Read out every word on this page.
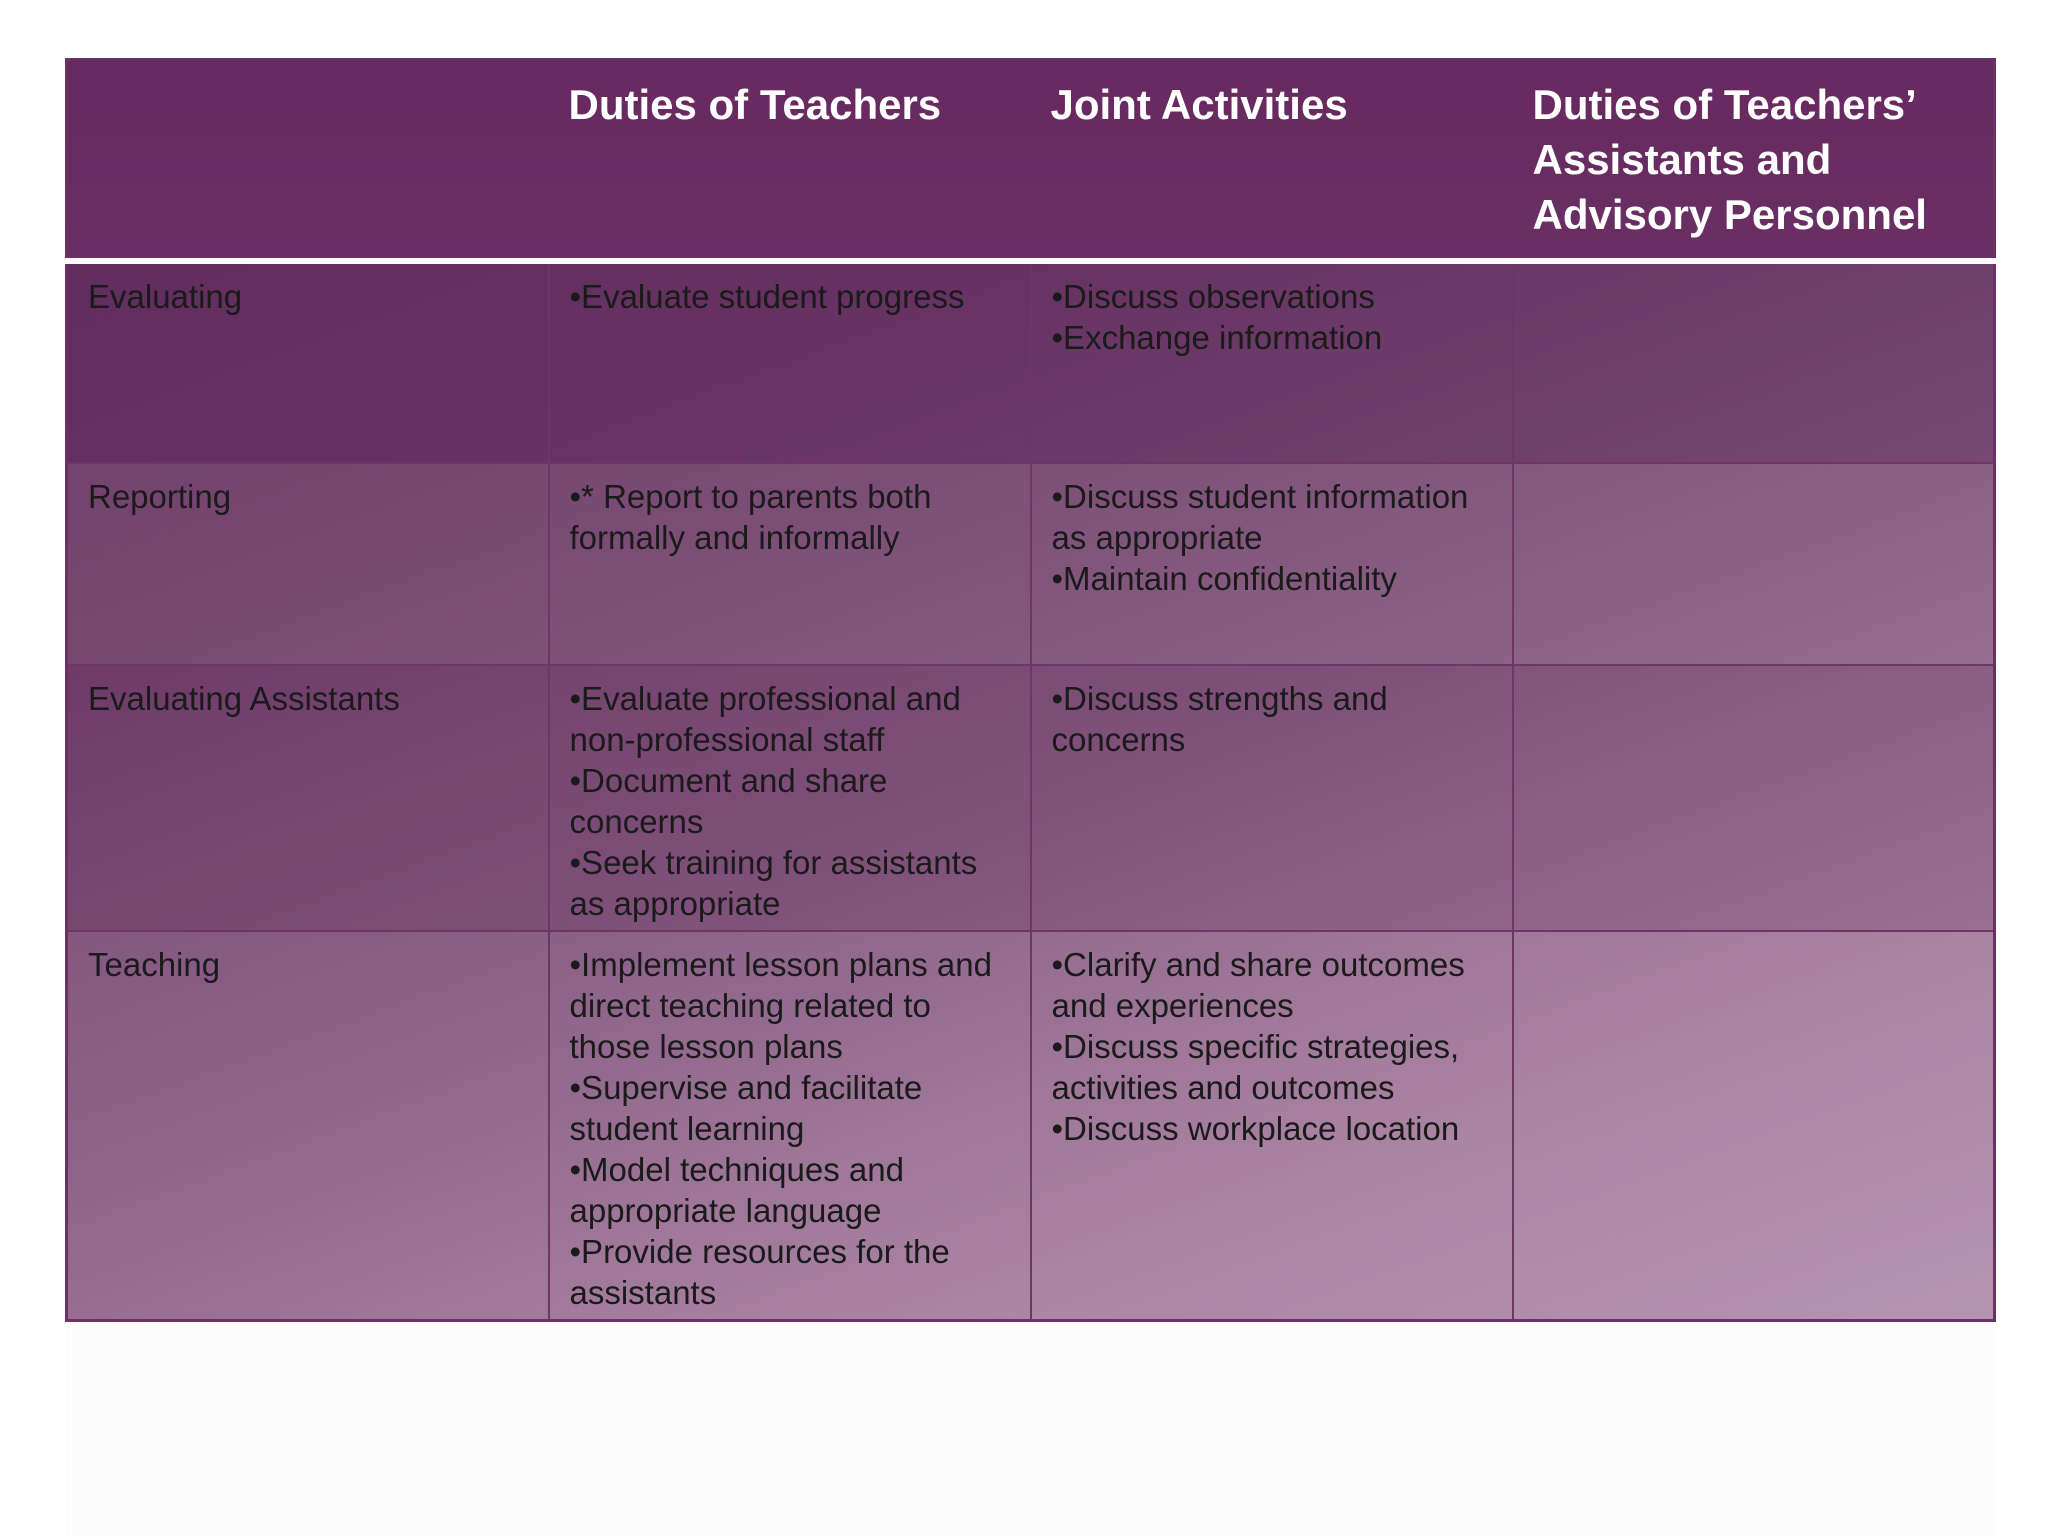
	Duties of Teachers	Joint Activities	Duties of Teachers’ Assistants and Advisory Personnel
Evaluating	•Evaluate student progress	•Discuss observations
•Exchange information	

Reporting	•* Report to parents both formally and informally	•Discuss student information as appropriate
•Maintain confidentiality	

Evaluating Assistants	•Evaluate professional and non-professional staff
•Document and share concerns
•Seek training for assistants as appropriate	•Discuss strengths and concerns	

Teaching	•Implement lesson plans and direct teaching related to those lesson plans
•Supervise and facilitate student learning
•Model techniques and appropriate language
•Provide resources for the assistants	•Clarify and share outcomes and experiences
•Discuss specific strategies, activities and outcomes
•Discuss workplace location	
